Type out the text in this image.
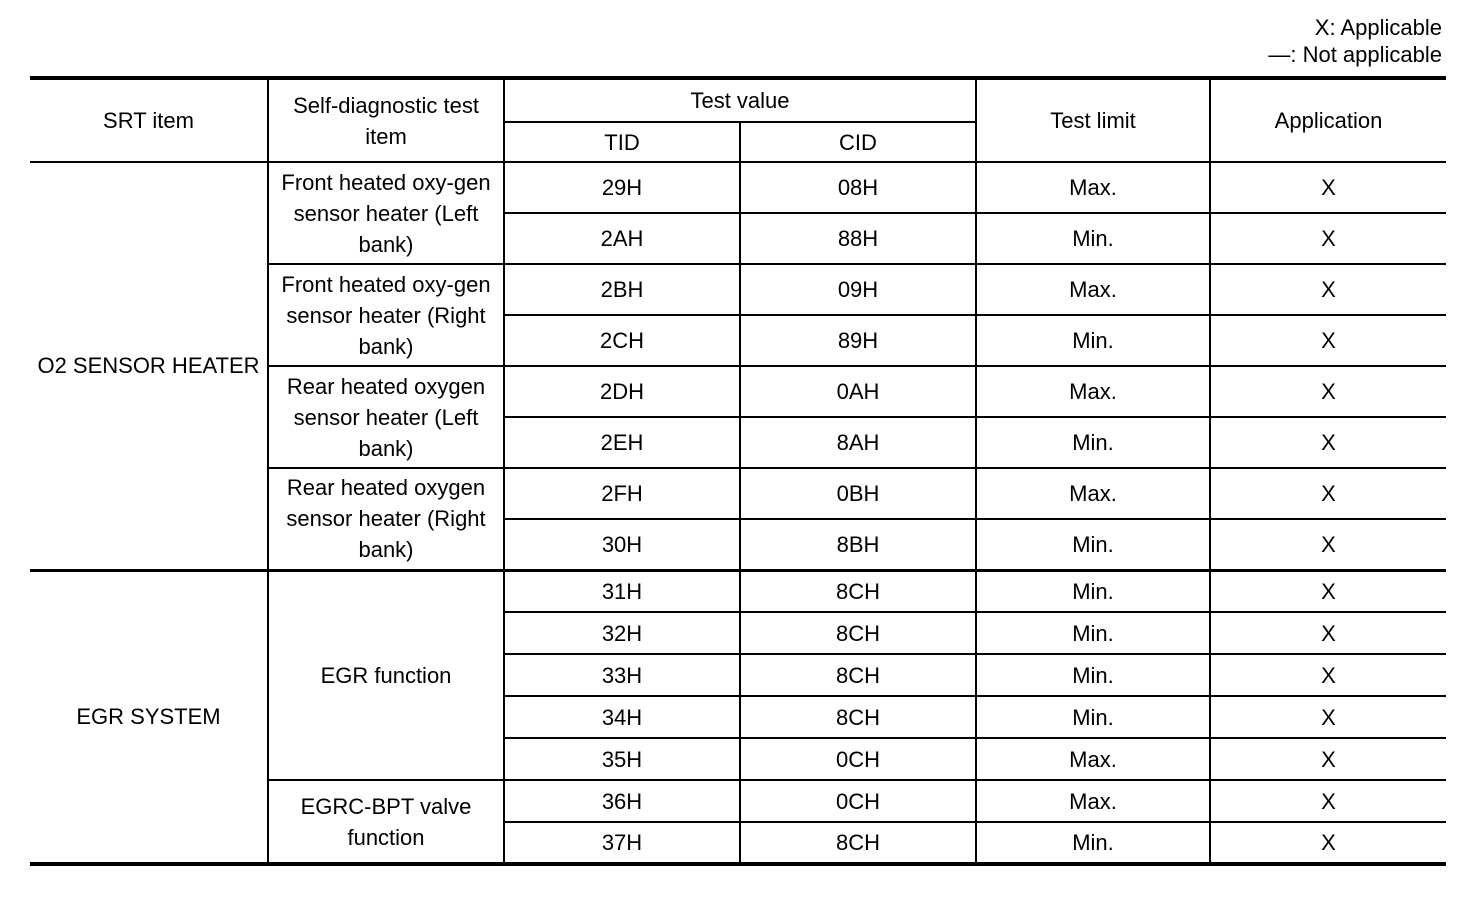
X: Applicable
—: Not applicable
SRT item	Self-diagnostic test item	Test value		Test limit	Application
		TID	CID		
O2 SENSOR HEATER	Front heated oxy-gen sensor heater (Left bank)	29H	08H	Max.	X
		2AH	88H	Min.	X
	Front heated oxy-gen sensor heater (Right bank)	2BH	09H	Max.	X
		2CH	89H	Min.	X
	Rear heated oxygen sensor heater (Left bank)	2DH	0AH	Max.	X
		2EH	8AH	Min.	X
	Rear heated oxygen sensor heater (Right bank)	2FH	0BH	Max.	X
		30H	8BH	Min.	X
EGR SYSTEM	EGR function	31H	8CH	Min.	X
		32H	8CH	Min.	X
		33H	8CH	Min.	X
		34H	8CH	Min.	X
		35H	0CH	Max.	X
	EGRC-BPT valve function	36H	0CH	Max.	X
		37H	8CH	Min.	X
